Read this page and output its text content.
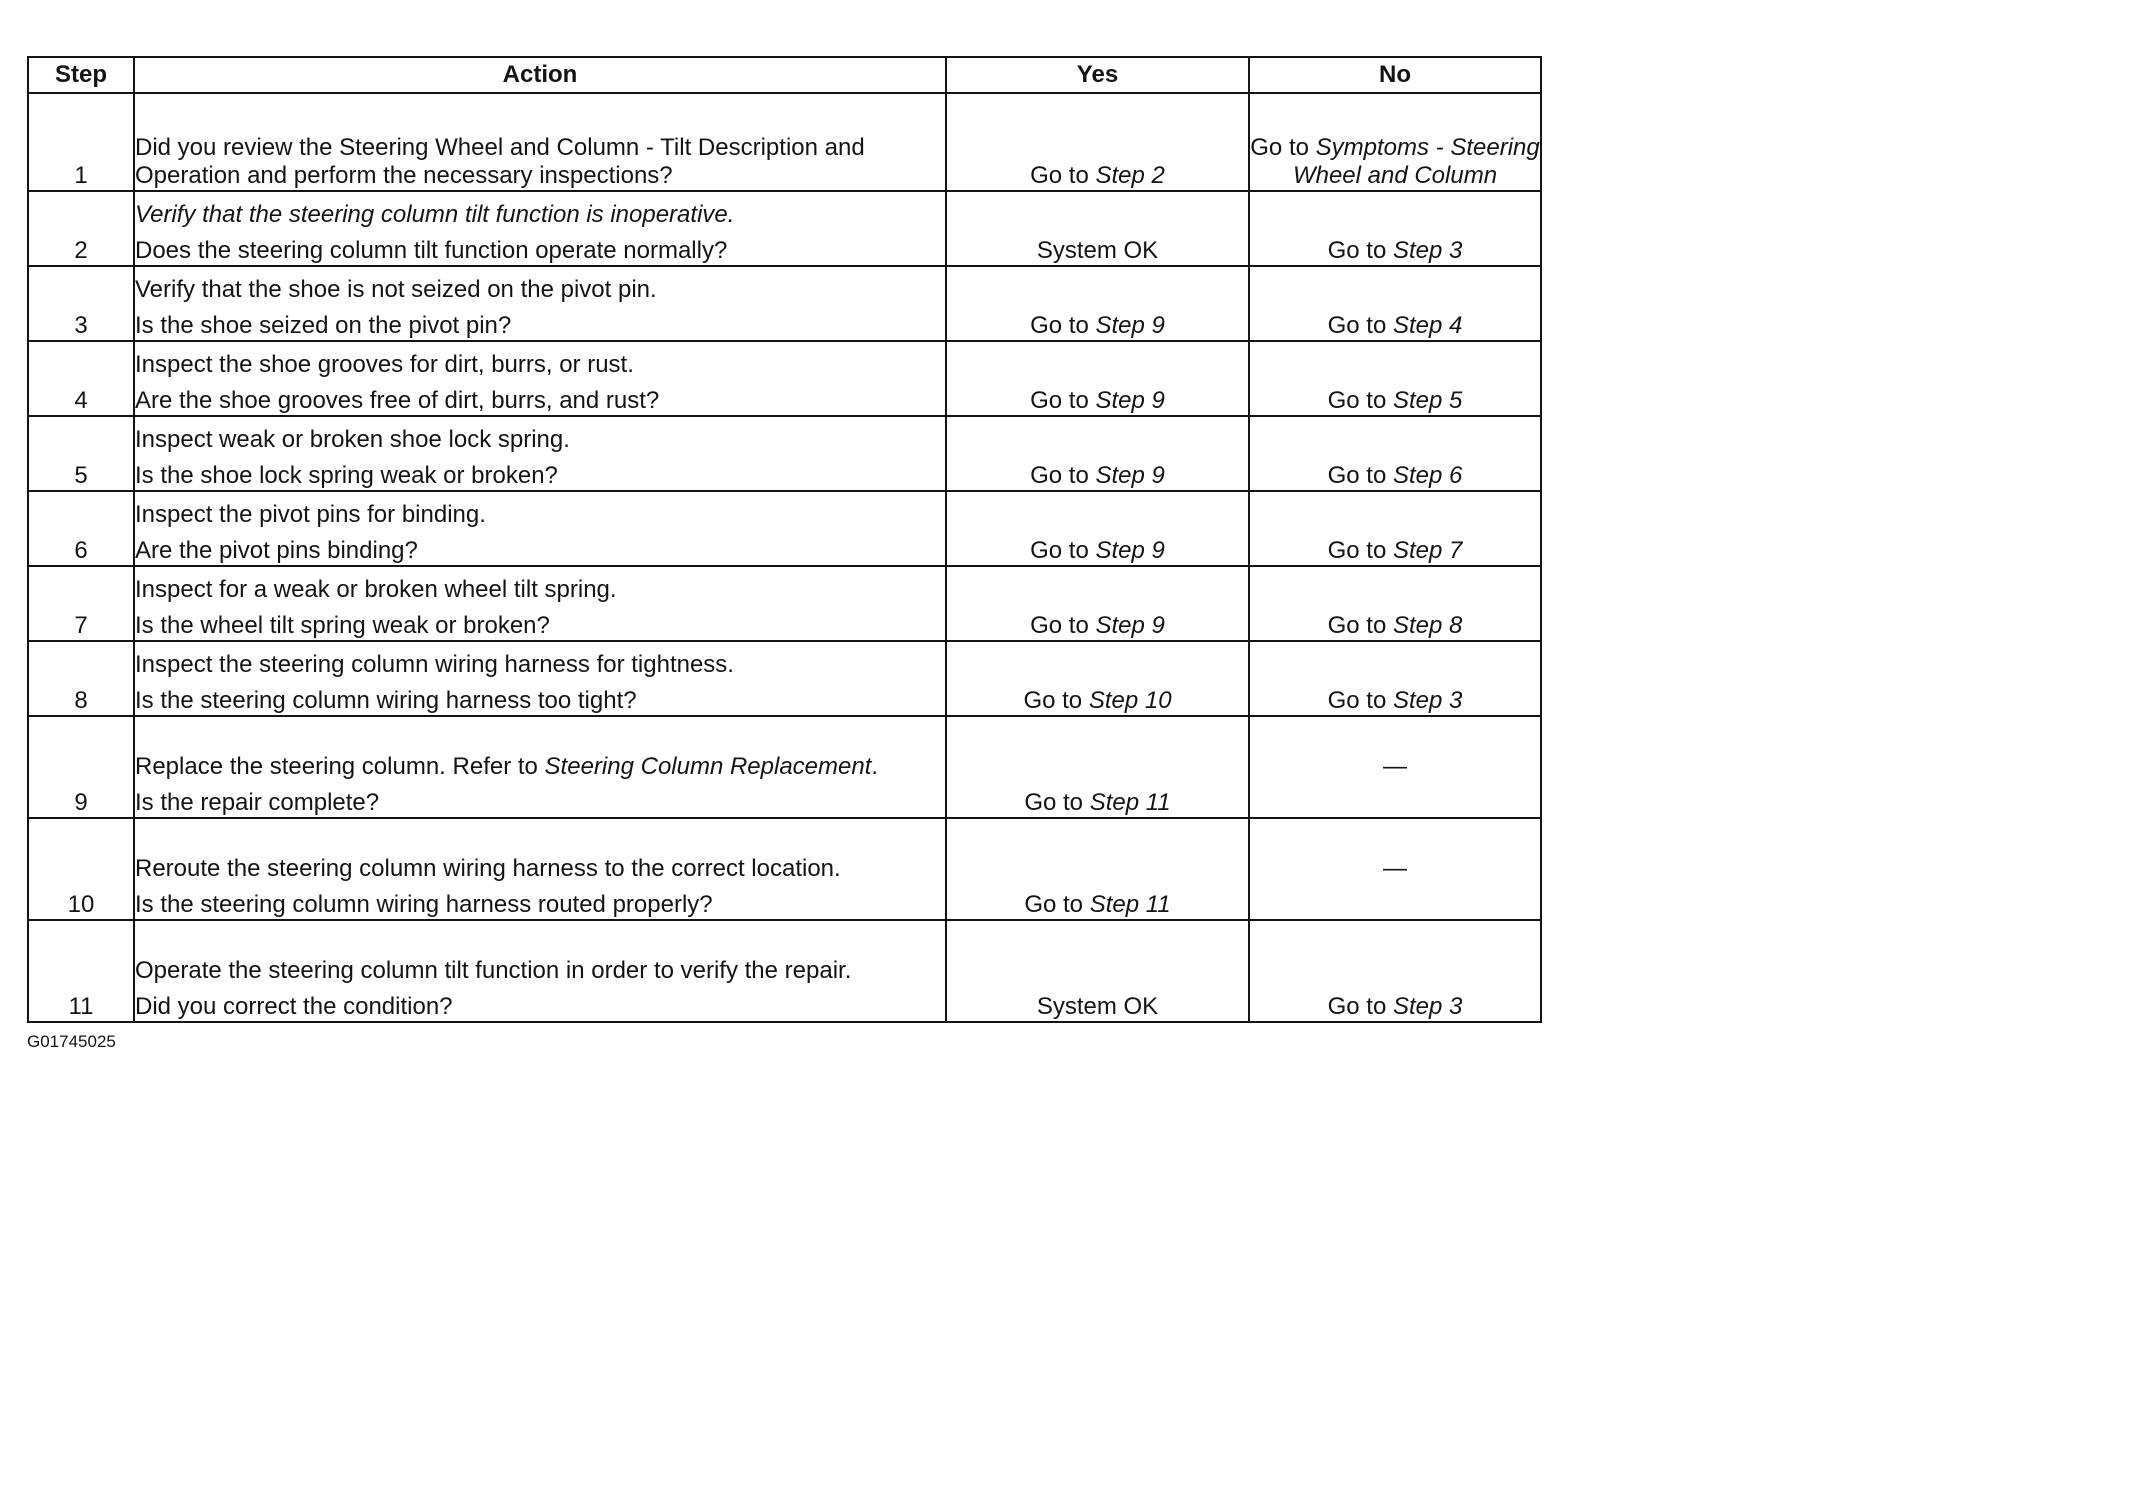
Step	Action	Yes	No
1	Did you review the Steering Wheel and Column - Tilt Description and Operation and perform the necessary inspections?	Go to Step 2	Go to Symptoms - Steering Wheel and Column
2	Verify that the steering column tilt function is inoperative.
Does the steering column tilt function operate normally?	System OK	Go to Step 3
3	Verify that the shoe is not seized on the pivot pin.
Is the shoe seized on the pivot pin?	Go to Step 9	Go to Step 4
4	Inspect the shoe grooves for dirt, burrs, or rust.
Are the shoe grooves free of dirt, burrs, and rust?	Go to Step 9	Go to Step 5
5	Inspect weak or broken shoe lock spring.
Is the shoe lock spring weak or broken?	Go to Step 9	Go to Step 6
6	Inspect the pivot pins for binding.
Are the pivot pins binding?	Go to Step 9	Go to Step 7
7	Inspect for a weak or broken wheel tilt spring.
Is the wheel tilt spring weak or broken?	Go to Step 9	Go to Step 8
8	Inspect the steering column wiring harness for tightness.
Is the steering column wiring harness too tight?	Go to Step 10	Go to Step 3
9	Replace the steering column. Refer to Steering Column Replacement.
Is the repair complete?	Go to Step 11	—
10	Reroute the steering column wiring harness to the correct location.
Is the steering column wiring harness routed properly?	Go to Step 11	—
11	Operate the steering column tilt function in order to verify the repair.
Did you correct the condition?	System OK	Go to Step 3
G01745025
